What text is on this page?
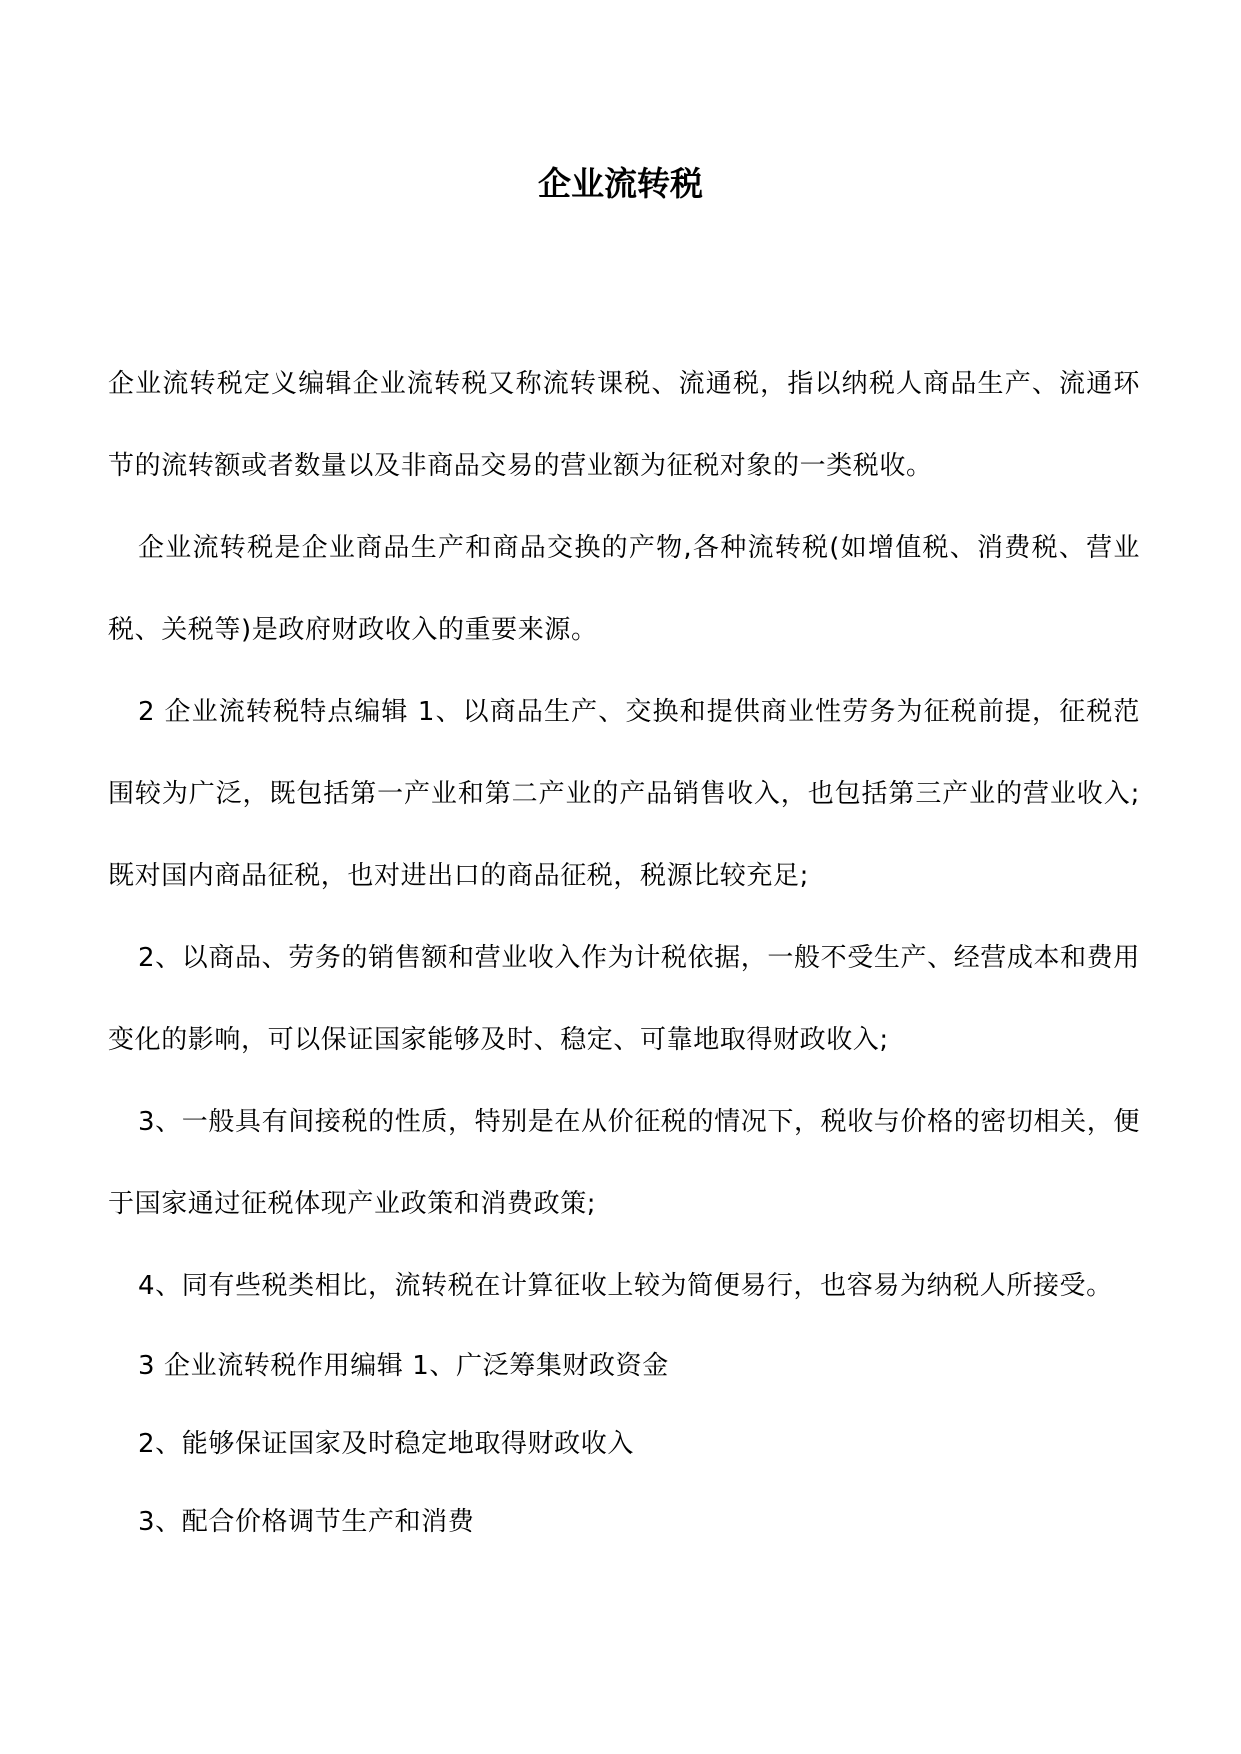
企业流转税

企业流转税定义编辑企业流转税又称流转课税、流通税，指以纳税人商品生产、流通环节的流转额或者数量以及非商品交易的营业额为征税对象的一类税收。

企业流转税是企业商品生产和商品交换的产物,各种流转税(如增值税、消费税、营业税、关税等)是政府财政收入的重要来源。

2 企业流转税特点编辑 1、以商品生产、交换和提供商业性劳务为征税前提，征税范围较为广泛，既包括第一产业和第二产业的产品销售收入，也包括第三产业的营业收入;既对国内商品征税，也对进出口的商品征税，税源比较充足;

2、以商品、劳务的销售额和营业收入作为计税依据，一般不受生产、经营成本和费用变化的影响，可以保证国家能够及时、稳定、可靠地取得财政收入;

3、一般具有间接税的性质，特别是在从价征税的情况下，税收与价格的密切相关，便于国家通过征税体现产业政策和消费政策;

4、同有些税类相比，流转税在计算征收上较为简便易行，也容易为纳税人所接受。

3 企业流转税作用编辑 1、广泛筹集财政资金

2、能够保证国家及时稳定地取得财政收入

3、配合价格调节生产和消费
